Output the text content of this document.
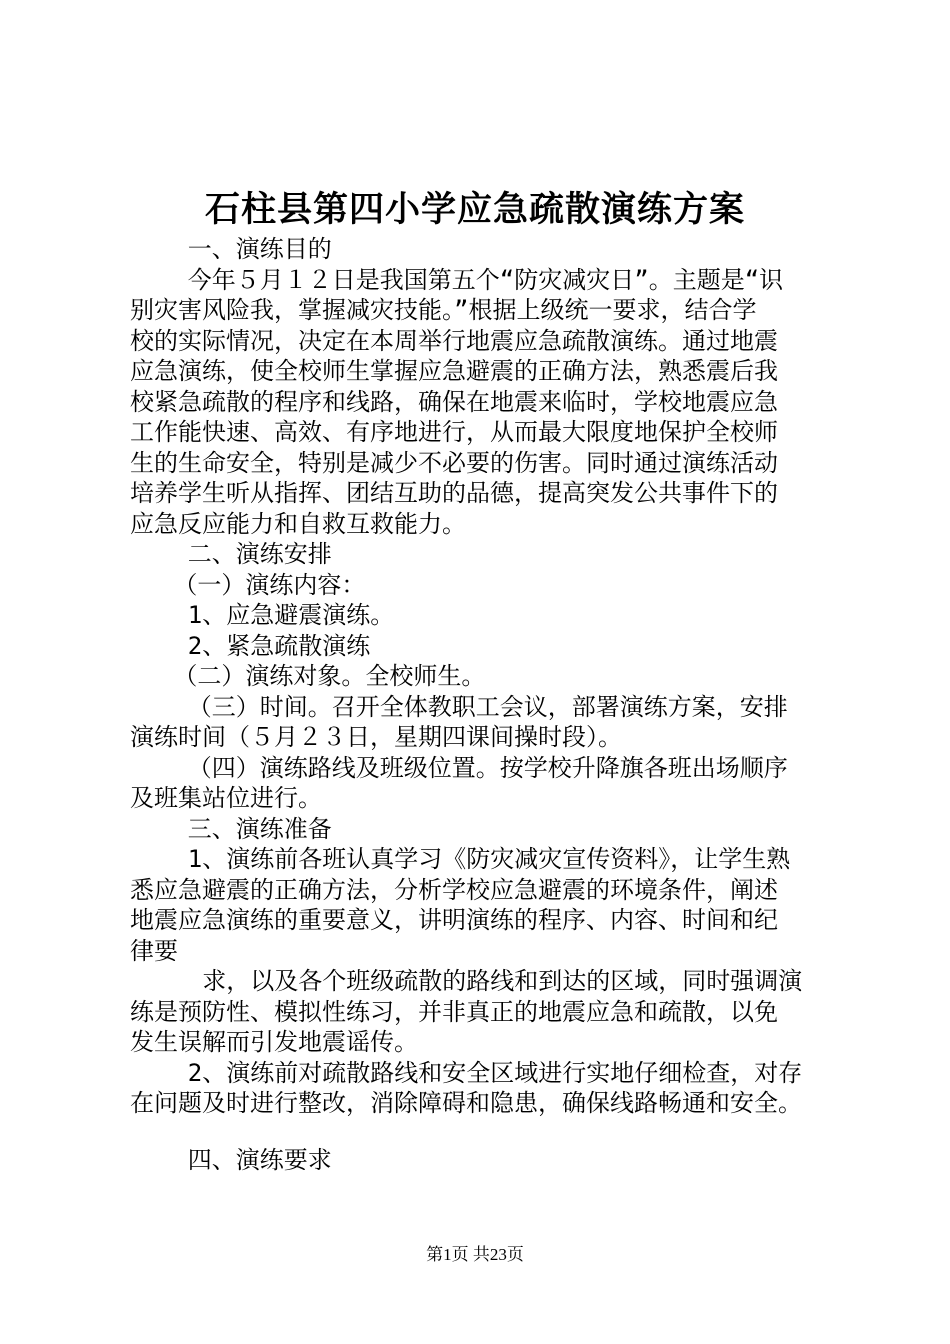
石柱县第四小学应急疏散演练方案
一、演练目的
今年５月１２日是我国第五个“防灾减灾日”。主题是“识
别灾害风险我，掌握减灾技能。”根据上级统一要求，结合学
校的实际情况，决定在本周举行地震应急疏散演练。通过地震
应急演练，使全校师生掌握应急避震的正确方法，熟悉震后我
校紧急疏散的程序和线路，确保在地震来临时，学校地震应急
工作能快速、高效、有序地进行，从而最大限度地保护全校师
生的生命安全，特别是减少不必要的伤害。同时通过演练活动
培养学生听从指挥、团结互助的品德，提高突发公共事件下的
应急反应能力和自救互救能力。
二、演练安排
（一）演练内容：
1、应急避震演练。
2、紧急疏散演练
（二）演练对象。全校师生。
（三）时间。召开全体教职工会议，部署演练方案，安排
演练时间（５月２３日，星期四课间操时段）。
（四）演练路线及班级位置。按学校升降旗各班出场顺序
及班集站位进行。
三、演练准备
1、演练前各班认真学习《防灾减灾宣传资料》，让学生熟
悉应急避震的正确方法，分析学校应急避震的环境条件，阐述
地震应急演练的重要意义，讲明演练的程序、内容、时间和纪
律要
求，以及各个班级疏散的路线和到达的区域，同时强调演
练是预防性、模拟性练习，并非真正的地震应急和疏散，以免
发生误解而引发地震谣传。
2、演练前对疏散路线和安全区域进行实地仔细检查，对存
在问题及时进行整改，消除障碍和隐患，确保线路畅通和安全。
四、演练要求
第1页 共23页
